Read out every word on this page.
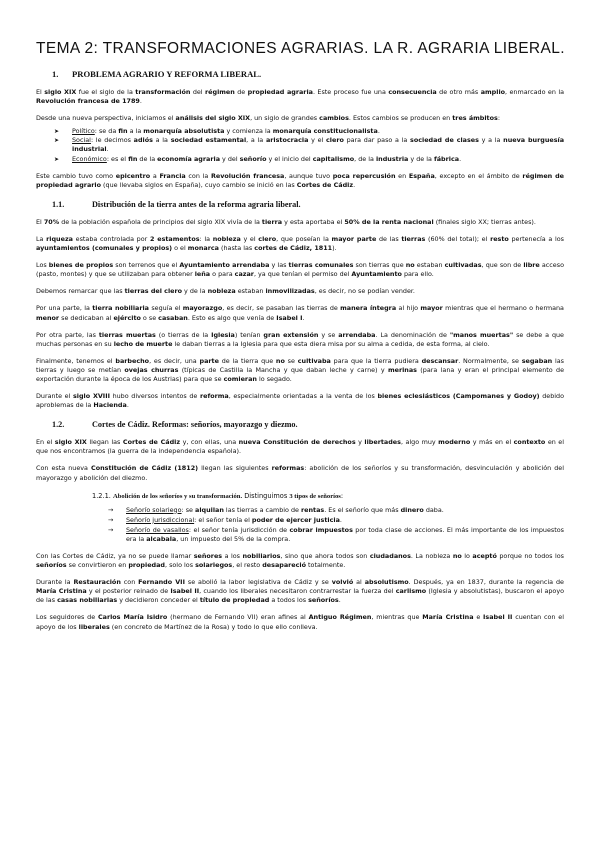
TEMA 2: TRANSFORMACIONES AGRARIAS. LA R. AGRARIA LIBERAL.
1. PROBLEMA AGRARIO Y REFORMA LIBERAL.

El siglo XIX fue el siglo de la transformación del régimen de propiedad agraria. Este proceso fue una consecuencia de otro más amplio, enmarcado en la Revolución francesa de 1789.

Desde una nueva perspectiva, iniciamos el análisis del siglo XIX, un siglo de grandes cambios. Estos cambios se producen en tres ámbitos:

➤ Político: se da fin a la monarquía absolutista y comienza la monarquía constitucionalista.
➤ Social: le decimos adiós a la sociedad estamental, a la aristocracia y el clero para dar paso a la sociedad de clases y a la nueva burguesía industrial.
➤ Económico: es el fin de la economía agraria y del señorío y el inicio del capitalismo, de la industria y de la fábrica.

Este cambio tuvo como epicentro a Francia con la Revolución francesa, aunque tuvo poca repercusión en España, excepto en el ámbito de régimen de propiedad agrario (que llevaba siglos en España), cuyo cambio se inició en las Cortes de Cádiz.

1.1.	Distribución de la tierra antes de la reforma agraria liberal.

El 70% de la población española de principios del siglo XIX vivía de la tierra y esta aportaba el 50% de la renta nacional (finales siglo XX; tierras antes).

La riqueza estaba controlada por 2 estamentos: la nobleza y el clero, que poseían la mayor parte de las tierras (60% del total); el resto pertenecía a los ayuntamientos (comunales y propios) o el monarca (hasta las cortes de Cádiz, 1811).

Los bienes de propios son terrenos que el Ayuntamiento arrendaba y las tierras comunales son tierras que no estaban cultivadas, que son de libre acceso (pasto, montes) y que se utilizaban para obtener leña o para cazar, ya que tenían el permiso del Ayuntamiento para ello.

Debemos remarcar que las tierras del clero y de la nobleza estaban inmovilizadas, es decir, no se podían vender.

Por una parte, la tierra nobiliaria seguía el mayorazgo, es decir, se pasaban las tierras de manera íntegra al hijo mayor mientras que el hermano o hermana menor se dedicaban al ejército o se casaban. Esto es algo que venía de Isabel I.

Por otra parte, las tierras muertas (o tierras de la Iglesia) tenían gran extensión y se arrendaba. La denominación de "manos muertas" se debe a que muchas personas en su lecho de muerte le daban tierras a la Iglesia para que esta diera misa por su alma a cedida, de esta forma, al cielo.

Finalmente, tenemos el barbecho, es decir, una parte de la tierra que no se cultivaba para que la tierra pudiera descansar. Normalmente, se segaban las tierras y luego se metían ovejas churras (típicas de Castilla la Mancha y que daban leche y carne) y merinas (para lana y eran el principal elemento de exportación durante la época de los Austrias) para que se comieran lo segado.

Durante el siglo XVIII hubo diversos intentos de reforma, especialmente orientadas a la venta de los bienes eclesiásticos (Campomanes y Godoy) debido aproblemas de la Hacienda.

1.2.	Cortes de Cádiz. Reformas: señoríos, mayorazgo y diezmo.

En el siglo XIX llegan las Cortes de Cádiz y, con ellas, una nueva Constitución de derechos y libertades, algo muy moderno y más en el contexto en el que nos encontramos (la guerra de la independencia española).

Con esta nueva Constitución de Cádiz (1812) llegan las siguientes reformas: abolición de los señoríos y su transformación, desvinculación y abolición del mayorazgo y abolición del diezmo.

1.2.1. Abolición de los señoríos y su transformación. Distinguimos 3 tipos de señoríos:
→ Señorío solariego: se alquilan las tierras a cambio de rentas. Es el señorío que más dinero daba.
→ Señorío jurisdiccional: el señor tenía el poder de ejercer justicia.
→ Señorío de vasallos: el señor tenía jurisdicción de cobrar impuestos por toda clase de acciones. El más importante de los impuestos era la alcabala, un impuesto del 5% de la compra.

Con las Cortes de Cádiz, ya no se puede llamar señores a los nobiliarios, sino que ahora todos son ciudadanos. La nobleza no lo aceptó porque no todos los señoríos se convirtieron en propiedad, solo los solariegos, el resto desapareció totalmente.

Durante la Restauración con Fernando VII se abolió la labor legislativa de Cádiz y se volvió al absolutismo. Después, ya en 1837, durante la regencia de María Cristina y el posterior reinado de Isabel II, cuando los liberales necesitaron contrarrestar la fuerza del carlismo (Iglesia y absolutistas), buscaron el apoyo de las casas nobiliarias y decidieron conceder el título de propiedad a todos los señoríos.

Los seguidores de Carlos María Isidro (hermano de Fernando VII) eran afines al Antiguo Régimen, mientras que María Cristina e Isabel II cuentan con el apoyo de los liberales (en concreto de Martínez de la Rosa) y todo lo que ello conlleva.
